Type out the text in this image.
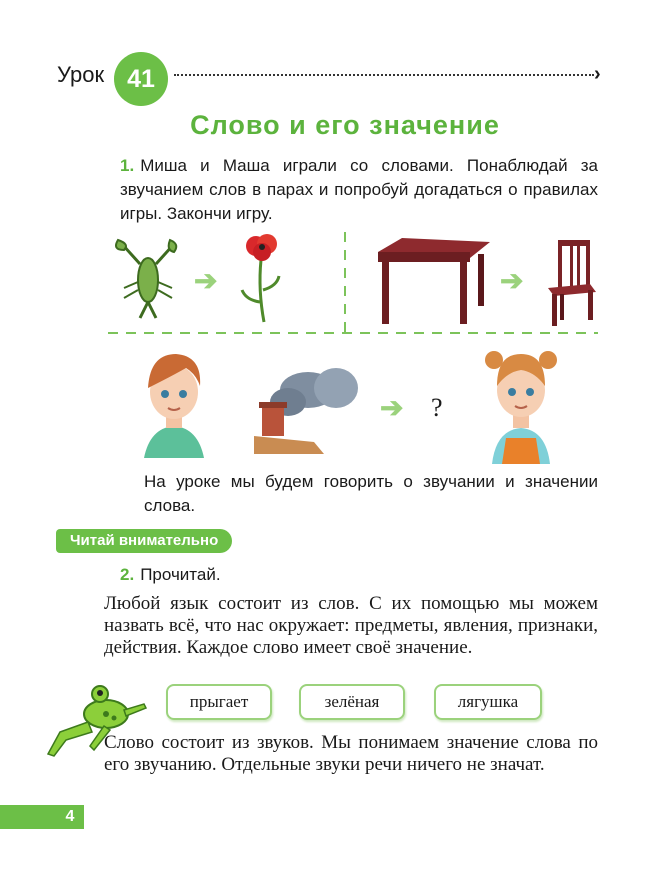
Урок 41	›
Слово и его значение
1. Миша и Маша играли со словами. Понаблюдай за звучанием слов в парах и попробуй догадаться о правилах игры. Закончи игру.
➔	➔
➔ ?
На уроке мы будем говорить о звучании и значении слова.
Читай внимательно
2. Прочитай.
Любой язык состоит из слов. С их помощью мы можем назвать всё, что нас окружает: предметы, явления, признаки, действия. Каждое слово имеет своё значение.
прыгает	зелёная	лягушка
Слово состоит из звуков. Мы понимаем значение слова по его звучанию. Отдельные звуки речи ничего не значат.
4
